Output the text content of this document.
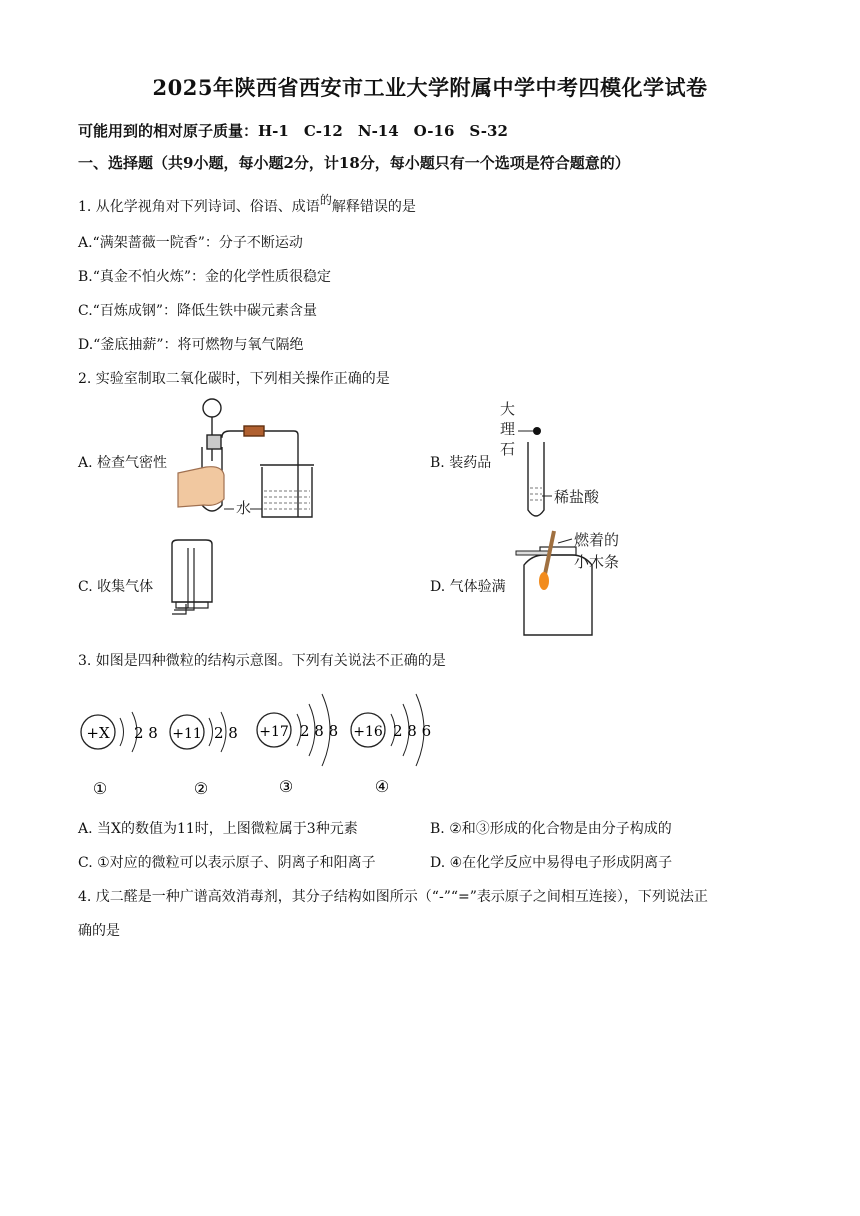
2025年陕西省西安市工业大学附属中学中考四模化学试卷
可能用到的相对原子质量：H-1　C-12　N-14　O-16　S-32
一、选择题（共9小题，每小题2分，计18分，每小题只有一个选项是符合题意的）
1. 从化学视角对下列诗词、俗语、成语的解释错误的是
A.“满架蔷薇一院香”：分子不断运动
B.“真金不怕火炼”：金的化学性质很稳定
C.“百炼成钢”：降低生铁中碳元素含量
D.“釜底抽薪”：将可燃物与氧气隔绝
2. 实验室制取二氧化碳时，下列相关操作正确的是
A. 检查气密性	B. 装药品
C. 收集气体	D. 气体验满
水
大
理
石
稀盐酸
燃着的
小木条
3. 如图是四种微粒的结构示意图。下列有关说法不正确的是
+X 2 8
①
+11 2 8
②
+17 2 8 8
③
+16 2 8 6
④
A. 当X的数值为11时，上图微粒属于3种元素	B. ②和③形成的化合物是由分子构成的
C. ①对应的微粒可以表示原子、阴离子和阳离子	D. ④在化学反应中易得电子形成阴离子
4. 戊二醛是一种广谱高效消毒剂，其分子结构如图所示（“-”“=”表示原子之间相互连接），下列说法正
确的是
